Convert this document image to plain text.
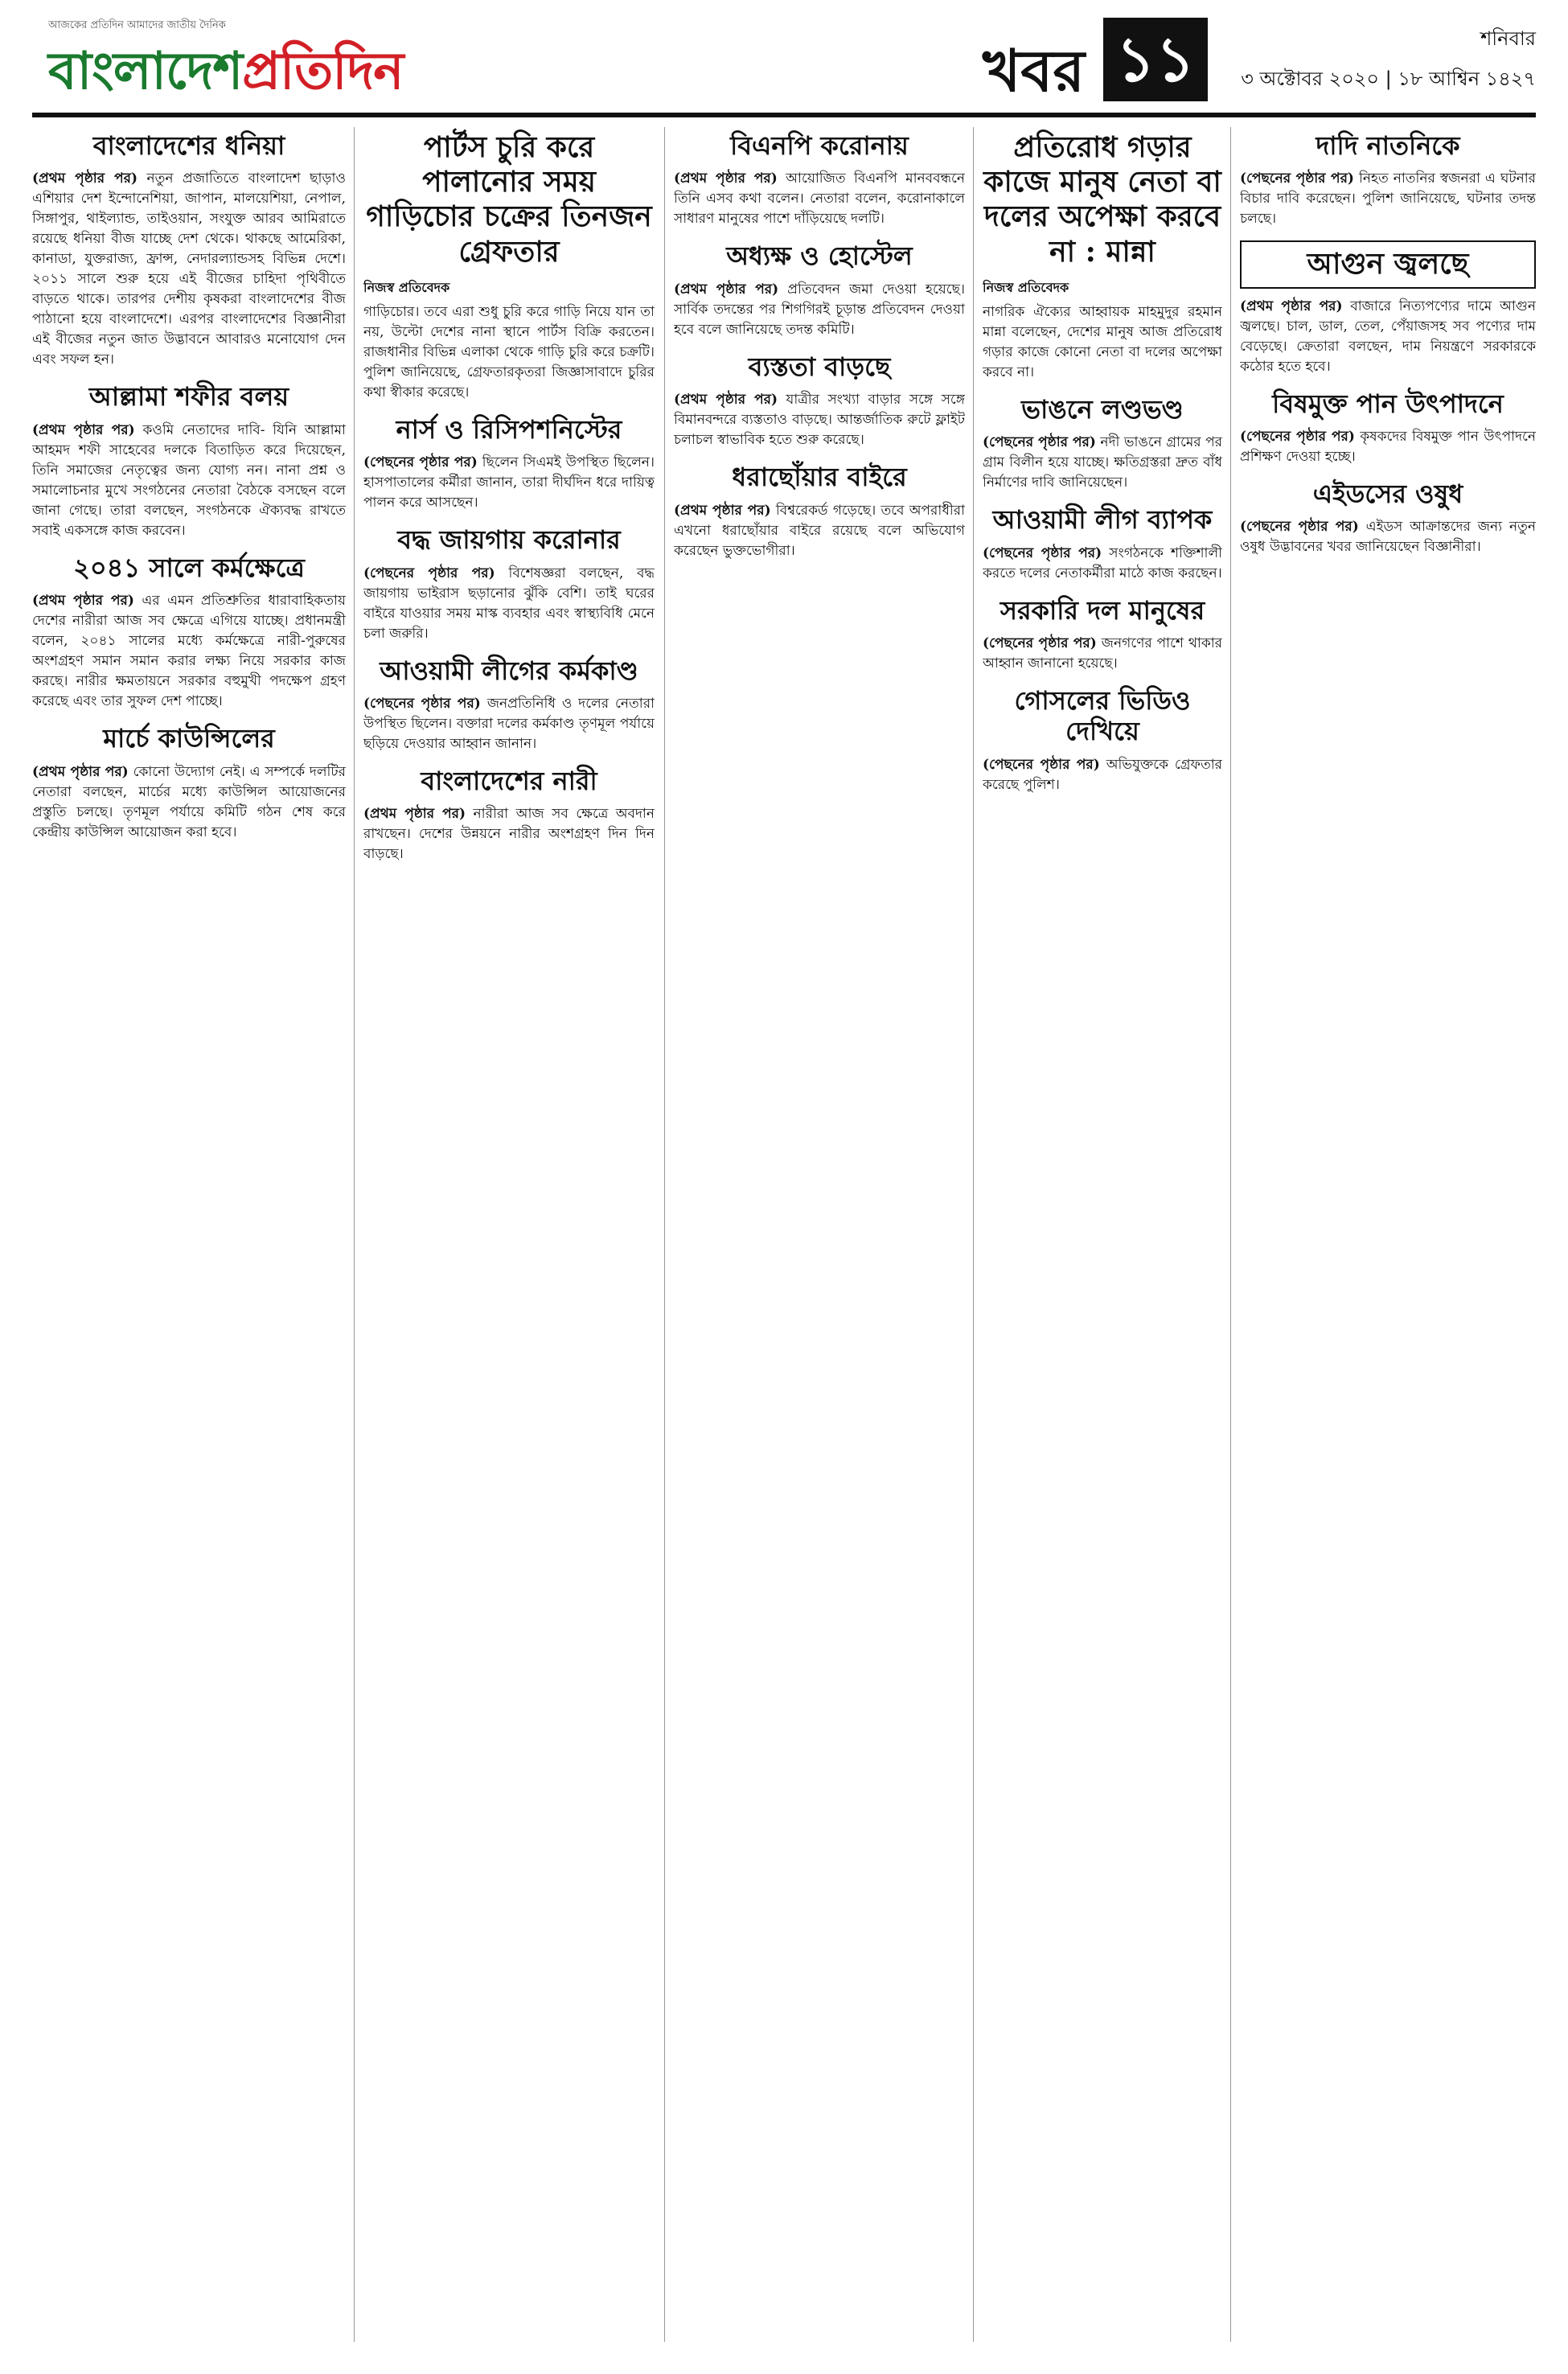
আজকের প্রতিদিন আমাদের জাতীয় দৈনিক
বাংলাদেশপ্রতিদিন	খবর ১১	শনিবার
৩ অক্টোবর ২০২০ | ১৮ আশ্বিন ১৪২৭
বাংলাদেশের ধনিয়া

(প্রথম পৃষ্ঠার পর) নতুন প্রজাতিতে বাংলাদেশ ছাড়াও এশিয়ার দেশ ইন্দোনেশিয়া, জাপান, মালয়েশিয়া, নেপাল, সিঙ্গাপুর, থাইল্যান্ড, তাইওয়ান, সংযুক্ত আরব আমিরাতে রয়েছে ধনিয়া বীজ যাচ্ছে দেশ থেকে। থাকছে আমেরিকা, কানাডা, যুক্তরাজ্য, ফ্রান্স, নেদারল্যান্ডসহ বিভিন্ন দেশে। ২০১১ সালে শুরু হয়ে এই বীজের চাহিদা পৃথিবীতে বাড়তে থাকে। তারপর দেশীয় কৃষকরা বাংলাদেশের বীজ পাঠানো হয়ে বাংলাদেশে। এরপর বাংলাদেশের বিজ্ঞানীরা এই বীজের নতুন জাত উদ্ভাবনে আবারও মনোযোগ দেন এবং সফল হন।

আল্লামা শফীর বলয়

(প্রথম পৃষ্ঠার পর) কওমি নেতাদের দাবি- যিনি আল্লামা আহমদ শফী সাহেবের দলকে বিতাড়িত করে দিয়েছেন, তিনি সমাজের নেতৃত্বের জন্য যোগ্য নন। নানা প্রশ্ন ও সমালোচনার মুখে সংগঠনের নেতারা বৈঠকে বসছেন বলে জানা গেছে। তারা বলছেন, সংগঠনকে ঐক্যবদ্ধ রাখতে সবাই একসঙ্গে কাজ করবেন।

২০৪১ সালে কর্মক্ষেত্রে

(প্রথম পৃষ্ঠার পর) এর এমন প্রতিশ্রুতির ধারাবাহিকতায় দেশের নারীরা আজ সব ক্ষেত্রে এগিয়ে যাচ্ছে। প্রধানমন্ত্রী বলেন, ২০৪১ সালের মধ্যে কর্মক্ষেত্রে নারী-পুরুষের অংশগ্রহণ সমান সমান করার লক্ষ্য নিয়ে সরকার কাজ করছে। নারীর ক্ষমতায়নে সরকার বহুমুখী পদক্ষেপ গ্রহণ করেছে এবং তার সুফল দেশ পাচ্ছে।

মার্চে কাউন্সিলের

(প্রথম পৃষ্ঠার পর) কোনো উদ্যোগ নেই। এ সম্পর্কে দলটির নেতারা বলছেন, মার্চের মধ্যে কাউন্সিল আয়োজনের প্রস্তুতি চলছে। তৃণমূল পর্যায়ে কমিটি গঠন শেষ করে কেন্দ্রীয় কাউন্সিল আয়োজন করা হবে।

পার্টস চুরি করে পালানোর সময় গাড়িচোর চক্রের তিনজন গ্রেফতার
নিজস্ব প্রতিবেদক

গাড়িচোর। তবে এরা শুধু চুরি করে গাড়ি নিয়ে যান তা নয়, উল্টো দেশের নানা স্থানে পার্টস বিক্রি করতেন। রাজধানীর বিভিন্ন এলাকা থেকে গাড়ি চুরি করে চক্রটি। পুলিশ জানিয়েছে, গ্রেফতারকৃতরা জিজ্ঞাসাবাদে চুরির কথা স্বীকার করেছে।

নার্স ও রিসিপশনিস্টের

(পেছনের পৃষ্ঠার পর) ছিলেন সিএমই উপস্থিত ছিলেন। হাসপাতালের কর্মীরা জানান, তারা দীর্ঘদিন ধরে দায়িত্ব পালন করে আসছেন।

বদ্ধ জায়গায় করোনার

(পেছনের পৃষ্ঠার পর) বিশেষজ্ঞরা বলছেন, বদ্ধ জায়গায় ভাইরাস ছড়ানোর ঝুঁকি বেশি। তাই ঘরের বাইরে যাওয়ার সময় মাস্ক ব্যবহার এবং স্বাস্থ্যবিধি মেনে চলা জরুরি।

আওয়ামী লীগের কর্মকাণ্ড

(পেছনের পৃষ্ঠার পর) জনপ্রতিনিধি ও দলের নেতারা উপস্থিত ছিলেন। বক্তারা দলের কর্মকাণ্ড তৃণমূল পর্যায়ে ছড়িয়ে দেওয়ার আহ্বান জানান।

বাংলাদেশের নারী

(প্রথম পৃষ্ঠার পর) নারীরা আজ সব ক্ষেত্রে অবদান রাখছেন। দেশের উন্নয়নে নারীর অংশগ্রহণ দিন দিন বাড়ছে।

বিএনপি করোনায়

(প্রথম পৃষ্ঠার পর) আয়োজিত বিএনপি মানববন্ধনে তিনি এসব কথা বলেন। নেতারা বলেন, করোনাকালে সাধারণ মানুষের পাশে দাঁড়িয়েছে দলটি।

অধ্যক্ষ ও হোস্টেল

(প্রথম পৃষ্ঠার পর) প্রতিবেদন জমা দেওয়া হয়েছে। সার্বিক তদন্তের পর শিগগিরই চূড়ান্ত প্রতিবেদন দেওয়া হবে বলে জানিয়েছে তদন্ত কমিটি।

ব্যস্ততা বাড়ছে

(প্রথম পৃষ্ঠার পর) যাত্রীর সংখ্যা বাড়ার সঙ্গে সঙ্গে বিমানবন্দরে ব্যস্ততাও বাড়ছে। আন্তর্জাতিক রুটে ফ্লাইট চলাচল স্বাভাবিক হতে শুরু করেছে।

ধরাছোঁয়ার বাইরে

(প্রথম পৃষ্ঠার পর) বিশ্বরেকর্ড গড়েছে। তবে অপরাধীরা এখনো ধরাছোঁয়ার বাইরে রয়েছে বলে অভিযোগ করেছেন ভুক্তভোগীরা।

প্রতিরোধ গড়ার কাজে মানুষ নেতা বা দলের অপেক্ষা করবে না : মান্না
নিজস্ব প্রতিবেদক

নাগরিক ঐক্যের আহ্বায়ক মাহমুদুর রহমান মান্না বলেছেন, দেশের মানুষ আজ প্রতিরোধ গড়ার কাজে কোনো নেতা বা দলের অপেক্ষা করবে না।

ভাঙনে লণ্ডভণ্ড

(পেছনের পৃষ্ঠার পর) নদী ভাঙনে গ্রামের পর গ্রাম বিলীন হয়ে যাচ্ছে। ক্ষতিগ্রস্তরা দ্রুত বাঁধ নির্মাণের দাবি জানিয়েছেন।

আওয়ামী লীগ ব্যাপক

(পেছনের পৃষ্ঠার পর) সংগঠনকে শক্তিশালী করতে দলের নেতাকর্মীরা মাঠে কাজ করছেন।

সরকারি দল মানুষের

(পেছনের পৃষ্ঠার পর) জনগণের পাশে থাকার আহ্বান জানানো হয়েছে।

গোসলের ভিডিও দেখিয়ে

(পেছনের পৃষ্ঠার পর) অভিযুক্তকে গ্রেফতার করেছে পুলিশ।

দাদি নাতনিকে

(পেছনের পৃষ্ঠার পর) নিহত নাতনির স্বজনরা এ ঘটনার বিচার দাবি করেছেন। পুলিশ জানিয়েছে, ঘটনার তদন্ত চলছে।

আগুন জ্বলছে

(প্রথম পৃষ্ঠার পর) বাজারে নিত্যপণ্যের দামে আগুন জ্বলছে। চাল, ডাল, তেল, পেঁয়াজসহ সব পণ্যের দাম বেড়েছে। ক্রেতারা বলছেন, দাম নিয়ন্ত্রণে সরকারকে কঠোর হতে হবে।

বিষমুক্ত পান উৎপাদনে

(পেছনের পৃষ্ঠার পর) কৃষকদের বিষমুক্ত পান উৎপাদনে প্রশিক্ষণ দেওয়া হচ্ছে।

এইডসের ওষুধ

(পেছনের পৃষ্ঠার পর) এইডস আক্রান্তদের জন্য নতুন ওষুধ উদ্ভাবনের খবর জানিয়েছেন বিজ্ঞানীরা।
